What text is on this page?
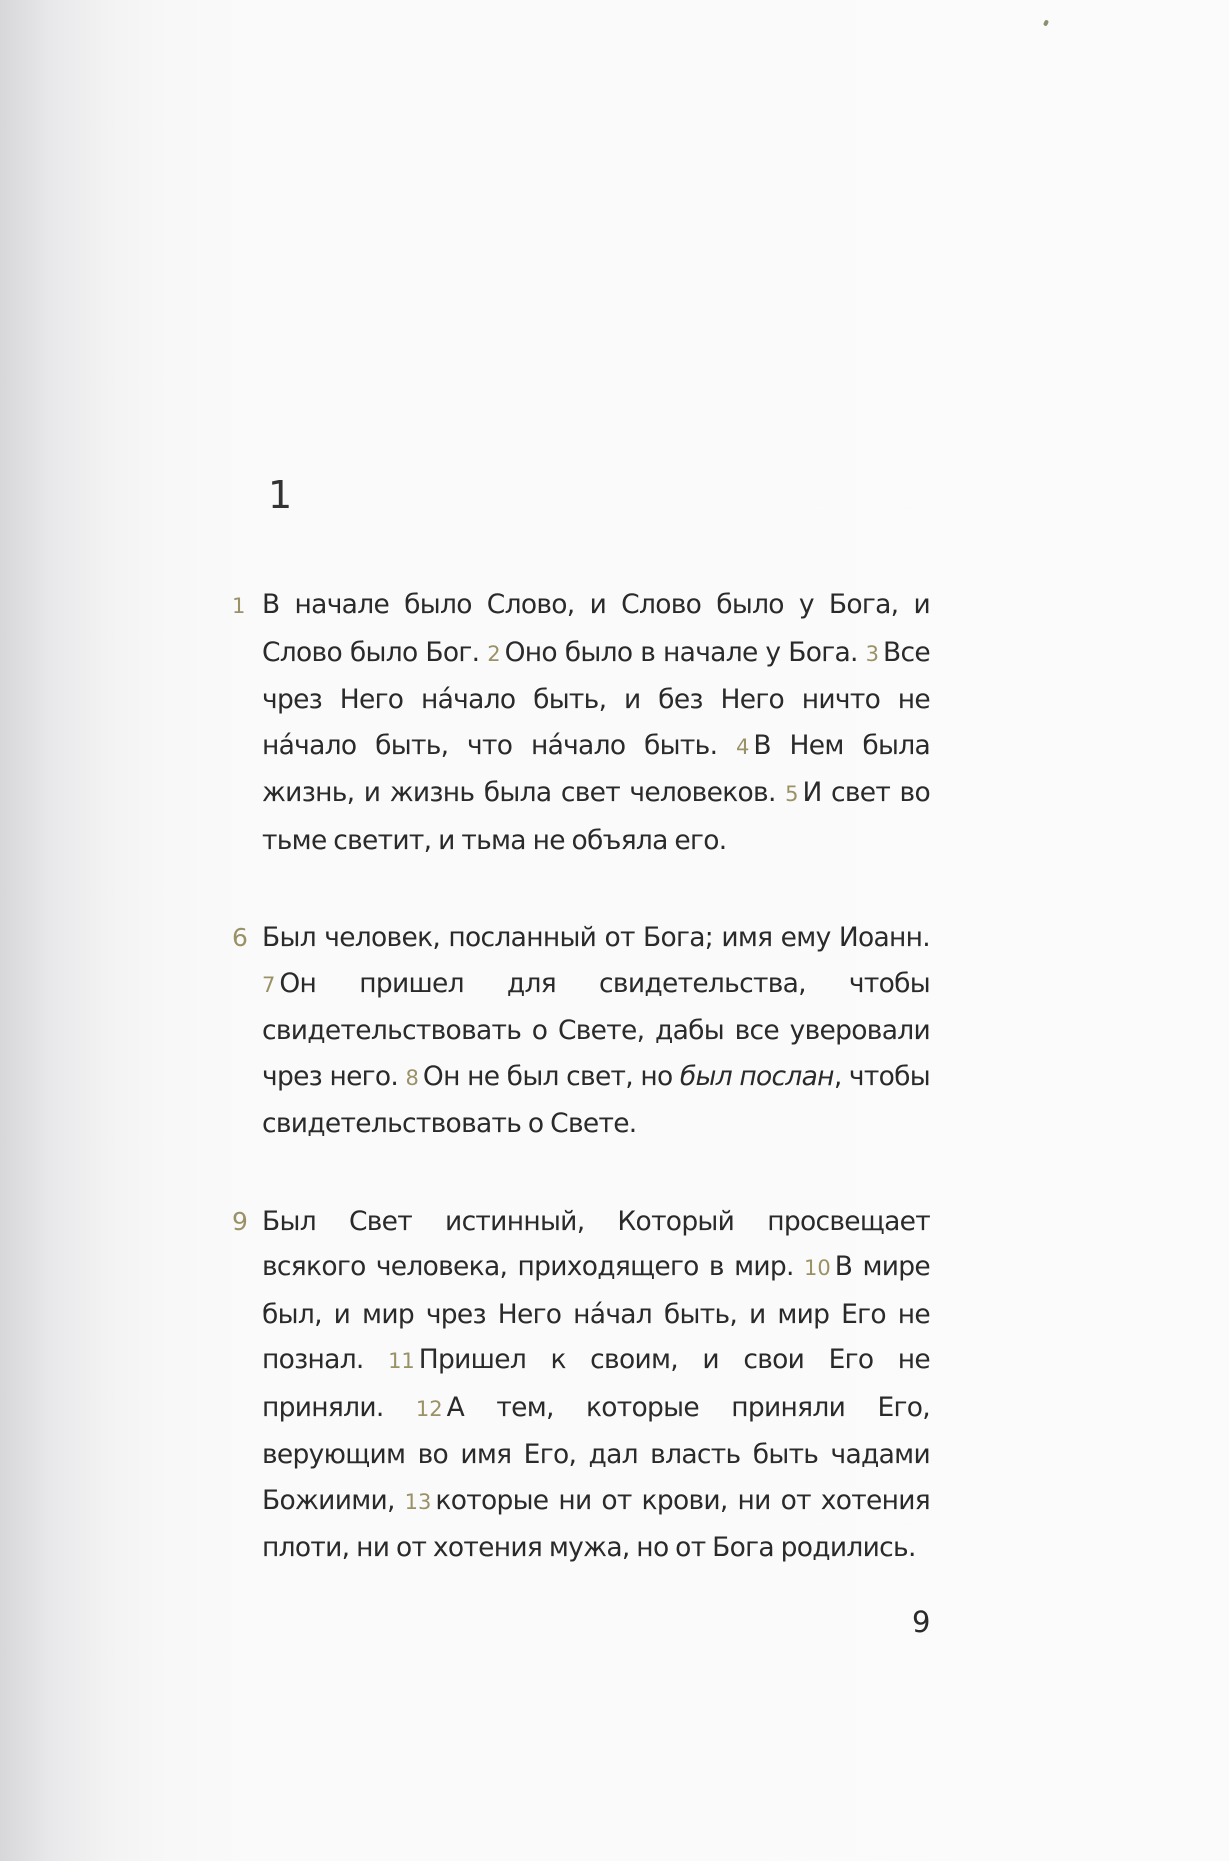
1

1 В начале было Слово, и Слово было у Бога, и Слово было Бог. 2 Оно было в начале у Бога. 3 Все чрез Него на́чало быть, и без Него ничто не на́чало быть, что на́чало быть. 4 В Нем была жизнь, и жизнь была свет человеков. 5 И свет во тьме светит, и тьма не объяла его.

6 Был человек, посланный от Бога; имя ему Иоанн. 7 Он пришел для свидетельства, чтобы свидетельствовать о Свете, дабы все уверовали чрез него. 8 Он не был свет, но был послан, чтобы свидетельствовать о Свете.

9 Был Свет истинный, Который просвещает всякого человека, приходящего в мир. 10 В мире был, и мир чрез Него на́чал быть, и мир Его не познал. 11 Пришел к своим, и свои Его не приняли. 12 А тем, которые приняли Его, верующим во имя Его, дал власть быть чадами Божиими, 13 которые ни от крови, ни от хотения плоти, ни от хотения мужа, но от Бога родились.

9
